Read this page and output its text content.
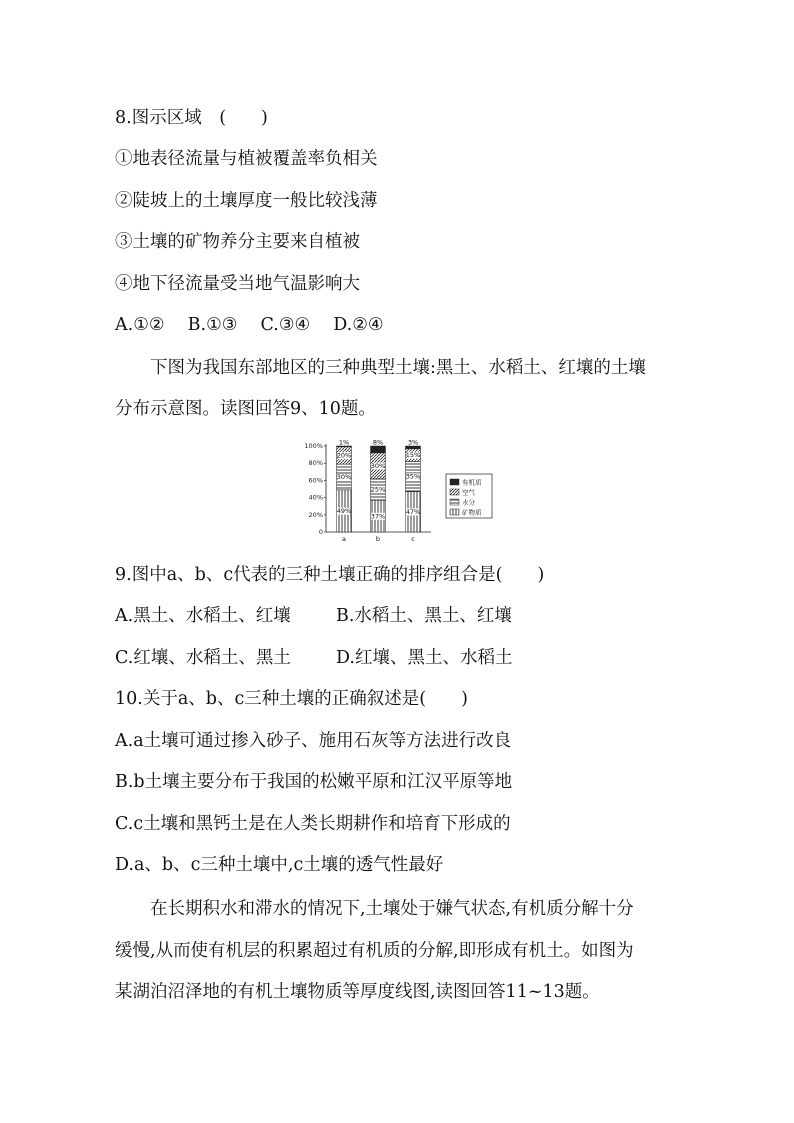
8.图示区域　(　　)
①地表径流量与植被覆盖率负相关
②陡坡上的土壤厚度一般比较浅薄
③土壤的矿物养分主要来自植被
④地下径流量受当地气温影响大
A.①②　 B.①③　 C.③④　 D.②④
下图为我国东部地区的三种典型土壤:黑土、水稻土、红壤的土壤
分布示意图。读图回答9、10题。
0
20%
40%
60%
80%
100%
49%
30%
20%
1%
a
37%
25%
30%
8%
b
47%
35%
15%
3%
c
有机质
空气
水分
矿物质
9.图中a、b、c代表的三种土壤正确的排序组合是(　　)
A.黑土、水稻土、红壤	B.水稻土、黑土、红壤
C.红壤、水稻土、黑土	D.红壤、黑土、水稻土
10.关于a、b、c三种土壤的正确叙述是(　　)
A.a土壤可通过掺入砂子、施用石灰等方法进行改良
B.b土壤主要分布于我国的松嫩平原和江汉平原等地
C.c土壤和黑钙土是在人类长期耕作和培育下形成的
D.a、b、c三种土壤中,c土壤的透气性最好
在长期积水和滞水的情况下,土壤处于嫌气状态,有机质分解十分
缓慢,从而使有机层的积累超过有机质的分解,即形成有机土。如图为
某湖泊沼泽地的有机土壤物质等厚度线图,读图回答11~13题。
